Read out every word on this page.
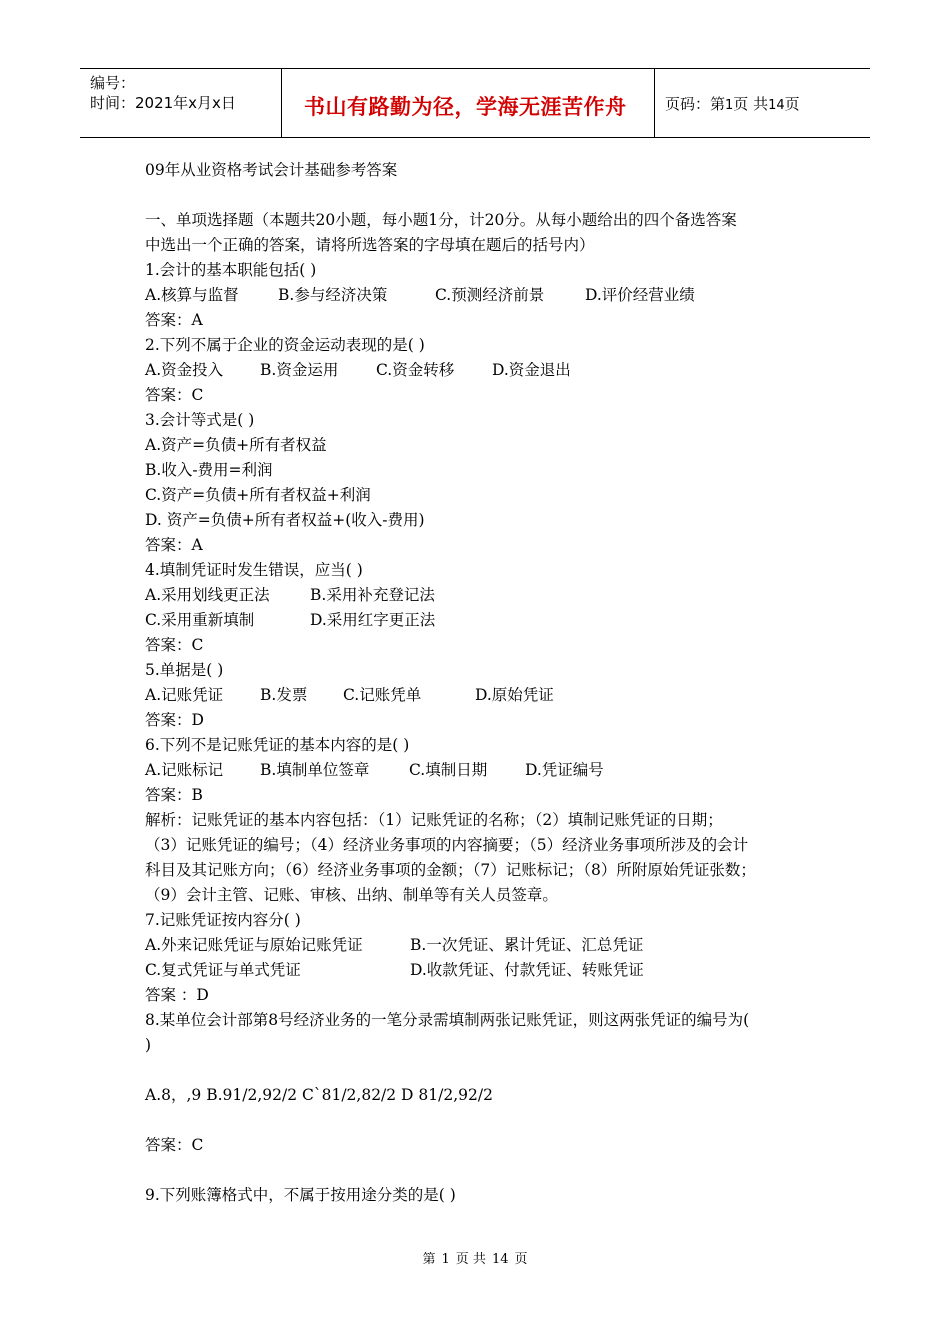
编号：
时间：2021年x月x日	书山有路勤为径，学海无涯苦作舟	页码：第1页 共14页
09年从业资格考试会计基础参考答案
一、单项选择题（本题共20小题，每小题1分，计20分。从每小题给出的四个备选答案
中选出一个正确的答案，请将所选答案的字母填在题后的括号内）
1.会计的基本职能包括( )
A.核算与监督	B.参与经济决策	C.预测经济前景	D.评价经营业绩
答案：A
2.下列不属于企业的资金运动表现的是( )
A.资金投入 B.资金运用 C.资金转移 D.资金退出
答案：C
3.会计等式是( )
A.资产=负债+所有者权益
B.收入-费用=利润
C.资产=负债+所有者权益+利润
D. 资产=负债+所有者权益+(收入-费用)
答案：A
4.填制凭证时发生错误，应当( )
A.采用划线更正法	B.采用补充登记法
C.采用重新填制	D.采用红字更正法
答案：C
5.单据是( )
A.记账凭证 B.发票 C.记账凭单	D.原始凭证
答案：D
6.下列不是记账凭证的基本内容的是( )
A.记账标记 B.填制单位签章	C.填制日期 D.凭证编号
答案：B
解析：记账凭证的基本内容包括：（1）记账凭证的名称；（2）填制记账凭证的日期；
（3）记账凭证的编号；（4）经济业务事项的内容摘要；（5）经济业务事项所涉及的会计
科目及其记账方向；（6）经济业务事项的金额；（7）记账标记；（8）所附原始凭证张数；
（9）会计主管、记账、审核、出纳、制单等有关人员签章。
7.记账凭证按内容分( )
A.外来记账凭证与原始记账凭证	B.一次凭证、累计凭证、汇总凭证
C.复式凭证与单式凭证	D.收款凭证、付款凭证、转账凭证
答案 ：D
8.某单位会计部第8号经济业务的一笔分录需填制两张记账凭证，则这两张凭证的编号为(
)
A.8，,9 B.91/2,92/2 C`81/2,82/2 D 81/2,92/2
答案：C
9.下列账簿格式中，不属于按用途分类的是( )
第 1 页 共 14 页
